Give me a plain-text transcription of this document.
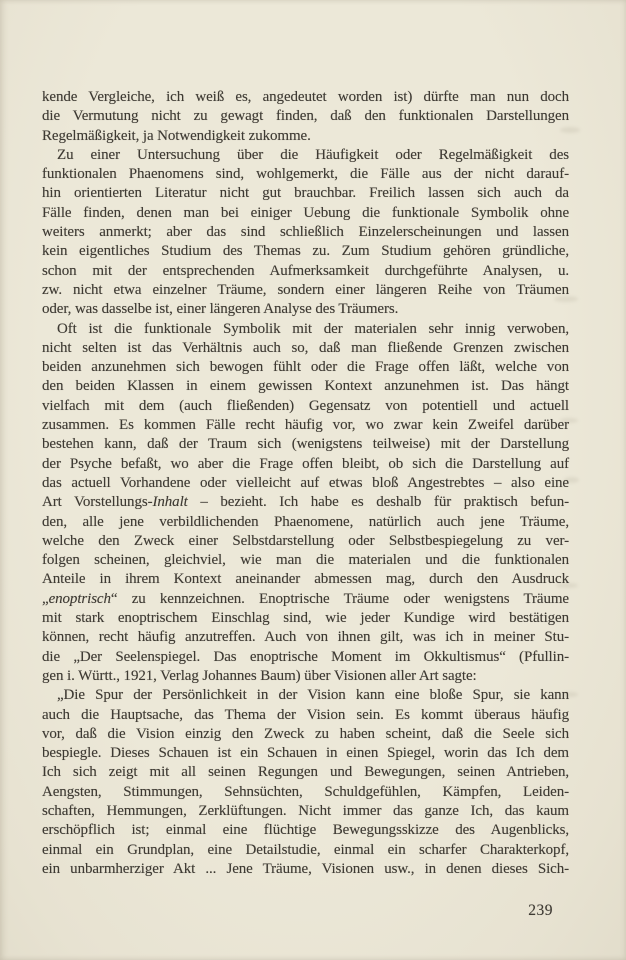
kende Vergleiche, ich weiß es, angedeutet worden ist) dürfte man nun doch
die Vermutung nicht zu gewagt finden, daß den funktionalen Darstellungen
Regelmäßigkeit, ja Notwendigkeit zukomme.
Zu einer Untersuchung über die Häufigkeit oder Regelmäßigkeit des
funktionalen Phaenomens sind, wohlgemerkt, die Fälle aus der nicht darauf-
hin orientierten Literatur nicht gut brauchbar. Freilich lassen sich auch da
Fälle finden, denen man bei einiger Uebung die funktionale Symbolik ohne
weiters anmerkt; aber das sind schließlich Einzelerscheinungen und lassen
kein eigentliches Studium des Themas zu. Zum Studium gehören gründliche,
schon mit der entsprechenden Aufmerksamkeit durchgeführte Analysen, u.
zw. nicht etwa einzelner Träume, sondern einer längeren Reihe von Träumen
oder, was dasselbe ist, einer längeren Analyse des Träumers.
Oft ist die funktionale Symbolik mit der materialen sehr innig verwoben,
nicht selten ist das Verhältnis auch so, daß man fließende Grenzen zwischen
beiden anzunehmen sich bewogen fühlt oder die Frage offen läßt, welche von
den beiden Klassen in einem gewissen Kontext anzunehmen ist. Das hängt
vielfach mit dem (auch fließenden) Gegensatz von potentiell und actuell
zusammen. Es kommen Fälle recht häufig vor, wo zwar kein Zweifel darüber
bestehen kann, daß der Traum sich (wenigstens teilweise) mit der Darstellung
der Psyche befaßt, wo aber die Frage offen bleibt, ob sich die Darstellung auf
das actuell Vorhandene oder vielleicht auf etwas bloß Angestrebtes – also eine
Art Vorstellungs-Inhalt – bezieht. Ich habe es deshalb für praktisch befun-
den, alle jene verbildlichenden Phaenomene, natürlich auch jene Träume,
welche den Zweck einer Selbstdarstellung oder Selbstbespiegelung zu ver-
folgen scheinen, gleichviel, wie man die materialen und die funktionalen
Anteile in ihrem Kontext aneinander abmessen mag, durch den Ausdruck
„enoptrisch“ zu kennzeichnen. Enoptrische Träume oder wenigstens Träume
mit stark enoptrischem Einschlag sind, wie jeder Kundige wird bestätigen
können, recht häufig anzutreffen. Auch von ihnen gilt, was ich in meiner Stu-
die „Der Seelenspiegel. Das enoptrische Moment im Okkultismus“ (Pfullin-
gen i. Württ., 1921, Verlag Johannes Baum) über Visionen aller Art sagte:
„Die Spur der Persönlichkeit in der Vision kann eine bloße Spur, sie kann
auch die Hauptsache, das Thema der Vision sein. Es kommt überaus häufig
vor, daß die Vision einzig den Zweck zu haben scheint, daß die Seele sich
bespiegle. Dieses Schauen ist ein Schauen in einen Spiegel, worin das Ich dem
Ich sich zeigt mit all seinen Regungen und Bewegungen, seinen Antrieben,
Aengsten, Stimmungen, Sehnsüchten, Schuldgefühlen, Kämpfen, Leiden-
schaften, Hemmungen, Zerklüftungen. Nicht immer das ganze Ich, das kaum
erschöpflich ist; einmal eine flüchtige Bewegungsskizze des Augenblicks,
einmal ein Grundplan, eine Detailstudie, einmal ein scharfer Charakterkopf,
ein unbarmherziger Akt ... Jene Träume, Visionen usw., in denen dieses Sich-
239
